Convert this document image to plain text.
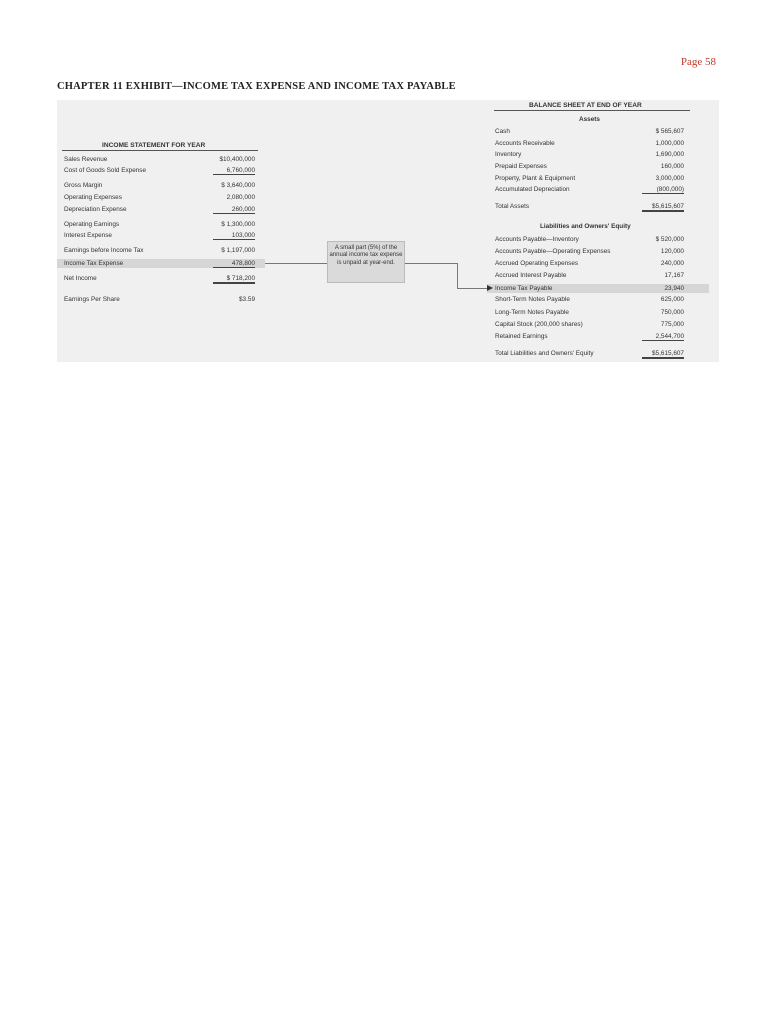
Page 58
CHAPTER 11 EXHIBIT—INCOME TAX EXPENSE AND INCOME TAX PAYABLE
INCOME STATEMENT FOR YEAR
Sales Revenue	$10,400,000
Cost of Goods Sold Expense	6,760,000
Gross Margin	$ 3,640,000
Operating Expenses	2,080,000
Depreciation Expense	260,000
Operating Earnings	$ 1,300,000
Interest Expense	103,000
Earnings before Income Tax	$ 1,197,000
Income Tax Expense	478,800
Net Income	$ 718,200
Earnings Per Share	$3.59
A small part (5%) of the annual income tax expense is unpaid at year-end.
BALANCE SHEET AT END OF YEAR
Assets
Cash	$ 565,607
Accounts Receivable	1,000,000
Inventory	1,690,000
Prepaid Expenses	160,000
Property, Plant & Equipment	3,000,000
Accumulated Depreciation	(800,000)
Total Assets	$5,615,607
Liabilities and Owners' Equity
Accounts Payable—Inventory	$ 520,000
Accounts Payable—Operating Expenses	120,000
Accrued Operating Expenses	240,000
Accrued Interest Payable	17,167
Income Tax Payable	23,940
Short-Term Notes Payable	625,000
Long-Term Notes Payable	750,000
Capital Stock (200,000 shares)	775,000
Retained Earnings	2,544,700
Total Liabilities and Owners' Equity	$5,615,607
